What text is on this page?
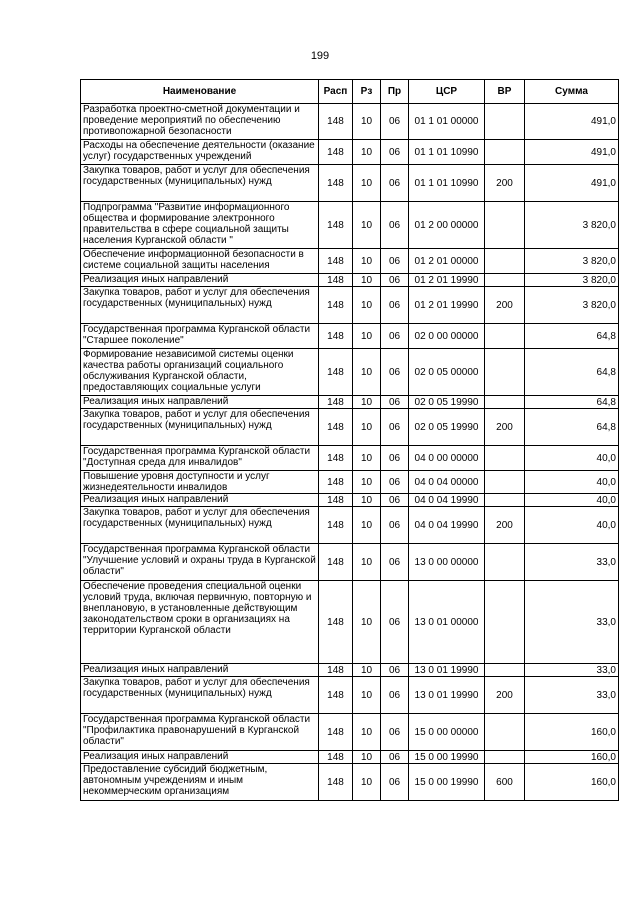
199
Наименование	Расп	Рз	Пр	ЦСР	ВР	Сумма
Разработка проектно-сметной документации и проведение мероприятий по обеспечению противопожарной безопасности	148	10	06	01 1 01 00000		491,0
Расходы на обеспечение деятельности (оказание услуг) государственных учреждений	148	10	06	01 1 01 10990		491,0
Закупка товаров, работ и услуг для обеспечения государственных (муниципальных) нужд	148	10	06	01 1 01 10990	200	491,0
Подпрограмма "Развитие информационного общества и формирование электронного правительства в сфере социальной защиты населения Курганской области "	148	10	06	01 2 00 00000		3 820,0
Обеспечение информационной безопасности в системе социальной защиты населения	148	10	06	01 2 01 00000		3 820,0
Реализация иных направлений	148	10	06	01 2 01 19990		3 820,0
Закупка товаров, работ и услуг для обеспечения государственных (муниципальных) нужд	148	10	06	01 2 01 19990	200	3 820,0
Государственная программа Курганской области "Старшее поколение"	148	10	06	02 0 00 00000		64,8
Формирование независимой системы оценки качества работы организаций социального обслуживания Курганской области, предоставляющих социальные услуги	148	10	06	02 0 05 00000		64,8
Реализация иных направлений	148	10	06	02 0 05 19990		64,8
Закупка товаров, работ и услуг для обеспечения государственных (муниципальных) нужд	148	10	06	02 0 05 19990	200	64,8
Государственная программа Курганской области "Доступная среда для инвалидов"	148	10	06	04 0 00 00000		40,0
Повышение уровня доступности и услуг жизнедеятельности инвалидов	148	10	06	04 0 04 00000		40,0
Реализация иных направлений	148	10	06	04 0 04 19990		40,0
Закупка товаров, работ и услуг для обеспечения государственных (муниципальных) нужд	148	10	06	04 0 04 19990	200	40,0
Государственная программа Курганской области "Улучшение условий и охраны труда в Курганской области"	148	10	06	13 0 00 00000		33,0
Обеспечение проведения специальной оценки условий труда, включая первичную, повторную и внеплановую, в установленные действующим законодательством сроки в организациях на территории Курганской области	148	10	06	13 0 01 00000		33,0
Реализация иных направлений	148	10	06	13 0 01 19990		33,0
Закупка товаров, работ и услуг для обеспечения государственных (муниципальных) нужд	148	10	06	13 0 01 19990	200	33,0
Государственная программа Курганской области "Профилактика правонарушений в Курганской области"	148	10	06	15 0 00 00000		160,0
Реализация иных направлений	148	10	06	15 0 00 19990		160,0
Предоставление субсидий бюджетным, автономным учреждениям и иным некоммерческим организациям	148	10	06	15 0 00 19990	600	160,0
